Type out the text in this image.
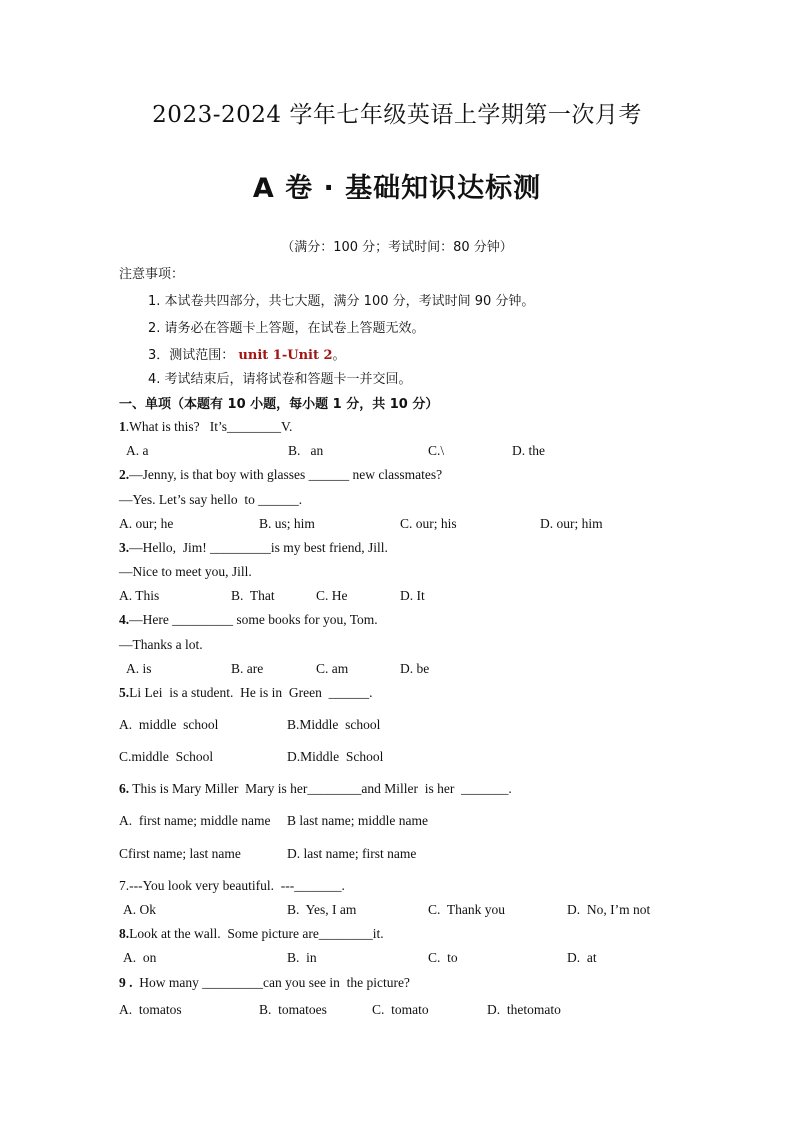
2023-2024 学年七年级英语上学期第一次月考
A 卷 · 基础知识达标测
（满分：100 分；考试时间：80 分钟）
注意事项：
1. 本试卷共四部分，共七大题，满分 100 分，考试时间 90 分钟。
2. 请务必在答题卡上答题，在试卷上答题无效。
3．测试范围： unit 1-Unit 2。
4. 考试结束后，请将试卷和答题卡一并交回。
一、单项（本题有 10 小题，每小题 1 分，共 10 分）
1.What is this?   It’s________V.
A. a	B.   an	C.\	D. the
2.—Jenny, is that boy with glasses ______ new classmates?
—Yes. Let’s say hello  to ______.
A. our; he	B. us; him	C. our; his	D. our; him
3.—Hello,  Jim! _________is my best friend, Jill.
—Nice to meet you, Jill.
A. This	B.  That	C. He	D. It
4.—Here _________ some books for you, Tom.
—Thanks a lot.
A. is	B. are	C. am	D. be
5.Li Lei  is a student.  He is in  Green  ______.
A.  middle  school	B.Middle  school
C.middle  School	D.Middle  School
6. This is Mary Miller  Mary is her________and Miller  is her  _______.
A.  first name; middle name B last name; middle name
Cfirst name; last name	D. last name; first name
7.---You look very beautiful.  ---_______.
A. Ok	B.  Yes, I am	C.  Thank you	D.  No, I’m not
8.Look at the wall.  Some picture are________it.
A.  on	B.  in	C.  to	D.  at
9 .  How many _________can you see in  the picture?
A.  tomatos	B.  tomatoes	C.  tomato	D.  thetomato
